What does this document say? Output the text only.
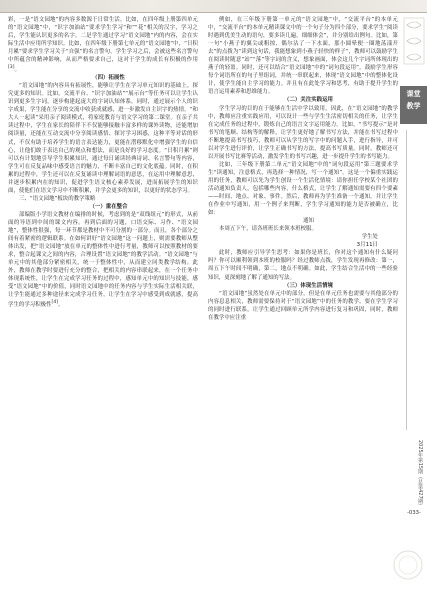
彩，一是“语文园地”的内容多数源于日常生活。比如，在四年级上册第四单元的“语文园地”中，“识字加油站”要求学生学习“和”“花”相关的汉字，学习之后，学生能认识更多的名字。二是学生通过学习“语文园地”内的内容，会在实际生活中应用所学知识。比如，在四年级下册第七单元的“语文园地”中，“日积月累”要求学生学习关于“自强”的名言警句，学生学习之后，会被这些名言警句中所蕴含的精神影响，从而严格要求自己，这对于学生的成长有积极的作用[3]。

（四）拓展性

“语文园地”的内容具有拓展性，能够让学生在学习单元知识的基础上，探究更多的知识。比如，交流平台、“识字加油站”“展示台”等任务可以让学生认识到更多生字词，逐步构建起庞大的字词认知体系。同时，通过展示个人的识字成果，学生能在分享的交流中收获成就感，进一步激发自主识字的热情。“和大人一起读”采用亲子阅读模式，将家庭教育与语文学习的第二课堂。在亲子共读过程中，学生在家长的陪伴下不仅能够接触丰富多样的课外读物，还能增加阅读量，还能在互动交流中分享阅读感悟、探讨学习困惑，这种平等对话的形式，不仅有助于培养学生的语言表达能力，更能在潜移默化中增强学生的自信心，让他们敢于表达自己的观点和想法，而是良好的学习态度。“日积月累”则可以有计划地引导学生积累知识，通过每日诵读经典诗词、名言警句等内容，学生可在反复品味中感受语言的魅力，不断丰富自己的文化底蕴。同时，在积累的过程中，学生还可以在反复诵读中理解词语的意思，在运用中理解意思，并逐步积累内在的知识，促进学生语文核心素养发展，进而拓展学生的知识面，使他们在语文学习中不断积累，并学会更多的知识，以更好的状态学习。

三、“语文园地”板块的教学策略

（一）重在整合

部编版小学语文教材在编排的时候，考虑到的是“双线组元”的形式，从前面的导语到中间的课文内容，再到后面的习题，口语交际、习作、“语文园地”，整体性很强，每一环节都是教材中不可分割的一部分。而且，各个部分之间有着紧密的逻辑联系。在如何讲好“语文园地”这一问题上，则需要教师从整体出发，把“语文园地”放在单元的整体性中进行考量，教师可以按照教材的要求，整合起课文之间的内容，合理设置“语文园地”的教学活动。“语文园地”与单元中的其他部分紧密相关，统一于整体性中，从而建立同类教学结构。此外，教师在教学时要进行充分的整合，把相关的内容串联起来，在一个任务中体现系统性，让学生在完成学习任务的过程中，感知单元中的知识与技能，感受“语文园地”中的价值，同时语文园地中的任务内容与学生实际生活相关联，让学生能通过多种途径来完成学习任务，让学生在学习中感受到成就感，提高学生的学习积极性[4]。

例如，在三年级下册第一单元的“语文园地”中，“交流平台”的本单元中，“交流平台”的本单元精读课文中的一个句子分为四个部分，要求学生“阅读时遇到优美生动的语句，要多读几遍，细细体会”，并分别给出例句。比如，第一句“小燕子的翼尖或粗掠，偶尔沾了一下水面，那小圆晕便一圈地荡漾开去”的点拨为“读到这句话，我能想象到小燕子轻快的样子”，教师可以鼓励学生在阅读时随意“站”“落”等字词的含义，想象画面，体会这几个字词所体现出的燕子的轻盈。同时，还可以结合“语文园地”中的“词句段运用”，鼓励学生形容每个词语所在的句子里组词，并统一串联起来，体现“语文园地”中的整体化设计，使学生能自主学习的能力。并且有在此处学习和思考，有助于提升学生的语言运用素养和思维能力。

（二）关注实践运用

学生学习的目的在于能够在生活中学以致用，因此，在“语文园地”的教学中，教师应注重实践应用，可以设计一些与学生生活密切相关的任务，让学生在完成任务的过程中，锻炼自己的语言文字运用能力。比如，“书写提示”是对书写的笔顺、结构等的解释，让学生更好地了解书写方法，并能在书写过程中不断地提高书写技巧，教师可以从学生的写字中的问题入手，进行指导，并可以对学生进行评价，让学生正确书写的方法，提高书写质量。同时，教师还可以开展书写比赛等活动，激发学生的书写兴趣，进一步提升学生的书写能力。

比如，三年级下册第二单元“语文园地”中的“词句段运用”第三题要求学生“读通知，注意格式，再选择一种情况，写一个通知”。这是一个偏重实践运用的任务，教师可以先为学生创设一个生活化情境：请你担任学校某个社团的活动通知负责人，包括哪些内容，什么格式，让学生了解通知需要有四个要素——时间、地点、对象、事件。然后，教师再为学生准备一个通知，并让学生在作业中写通知，用一个例子来判断，学生学习通知的能力是否被确立，比如：

通知

本周五下午，请各班班长来领本班校服。

学生处

3月11日

此时，教师应引导学生思考：如果你是班长，你对这个通知有什么疑问吗？你可以顺利领到本班的校服吗？经过教师点拨，学生发现再修改：第一，周五下午时间不明确，第二，地点不明确。如此，学生结合生活中的一些经验知识，更深刻地了解了通知的写法。

（三）体现生活情境

“语文园地”虽然处在单元中的部分，但是在单元任务也需要与其他部分的内容息息相关，教师需要保持对于“语文园地”中的任务的教学，要在学生学习的同时进行联系，让学生通过回顾单元所学内容进行复习和巩固，同时，教师在教学中应注重

课堂
教学
2025年第15期（总第427期）
-033-
